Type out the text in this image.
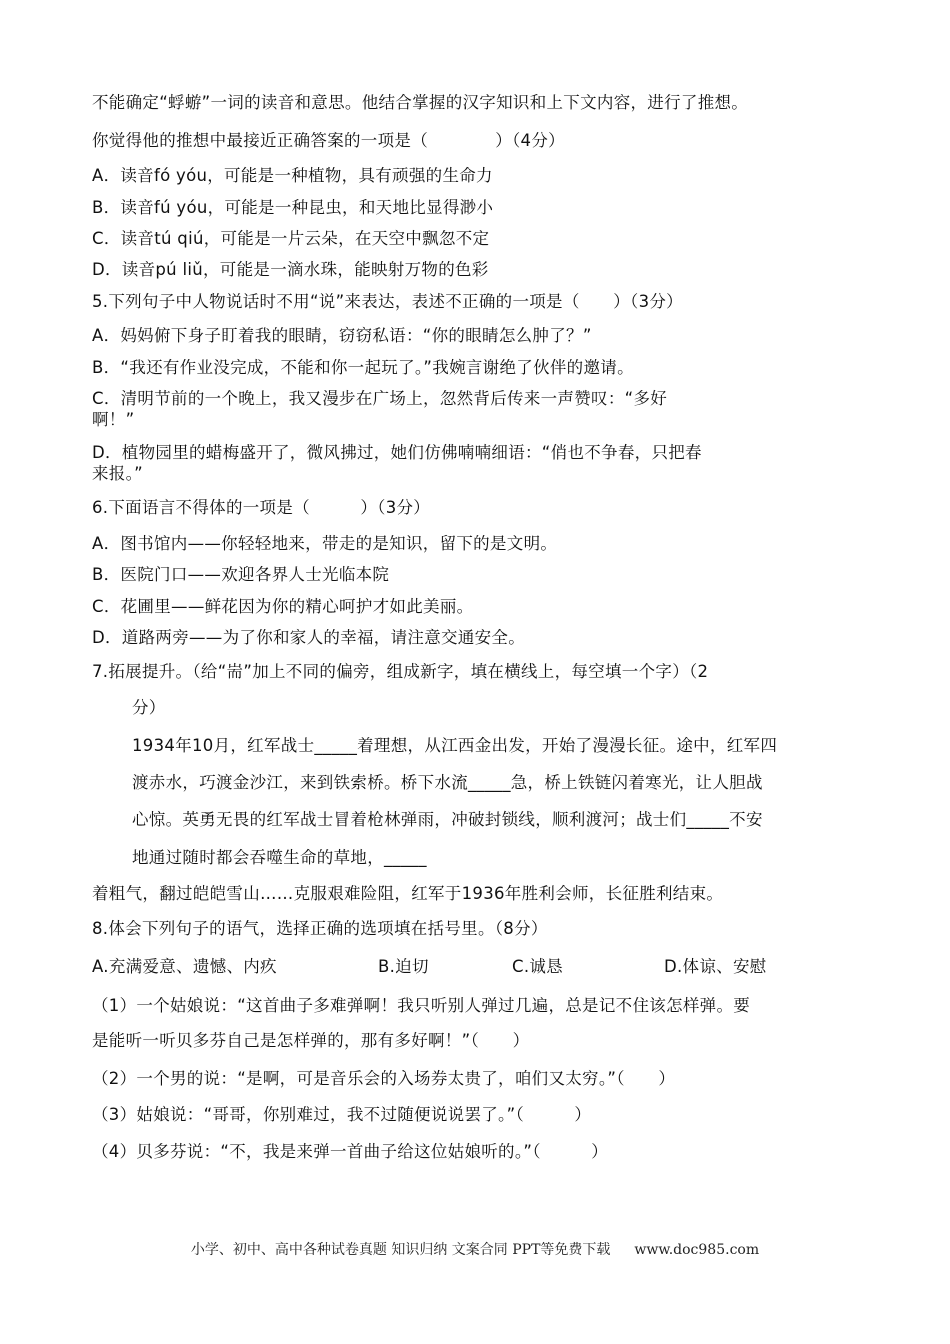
不能确定“蜉蝣”一词的读音和意思。他结合掌握的汉字知识和上下文内容，进行了推想。
你觉得他的推想中最接近正确答案的一项是（　　　　）（4分）
A．读音fó yóu，可能是一种植物，具有顽强的生命力
B．读音fú yóu，可能是一种昆虫，和天地比显得渺小
C．读音tú qiú，可能是一片云朵，在天空中飘忽不定
D．读音pú liǔ，可能是一滴水珠，能映射万物的色彩
5.下列句子中人物说话时不用“说”来表达，表述不正确的一项是（　　）（3分）
A．妈妈俯下身子盯着我的眼睛，窃窃私语：“你的眼睛怎么肿了？”
B．“我还有作业没完成，不能和你一起玩了。”我婉言谢绝了伙伴的邀请。
C．清明节前的一个晚上，我又漫步在广场上，忽然背后传来一声赞叹：“多好
啊！”
D．植物园里的蜡梅盛开了，微风拂过，她们仿佛喃喃细语：“俏也不争春，只把春
来报。”
6.下面语言不得体的一项是（　　　）（3分）
A．图书馆内——你轻轻地来，带走的是知识，留下的是文明。
B．医院门口——欢迎各界人士光临本院
C．花圃里——鲜花因为你的精心呵护才如此美丽。
D．道路两旁——为了你和家人的幸福，请注意交通安全。
7.拓展提升。（给“耑”加上不同的偏旁，组成新字，填在横线上，每空填一个字）（2
分）
1934年10月，红军战士_____着理想，从江西金出发，开始了漫漫长征。途中，红军四
渡赤水，巧渡金沙江，来到铁索桥。桥下水流_____急，桥上铁链闪着寒光，让人胆战
心惊。英勇无畏的红军战士冒着枪林弹雨，冲破封锁线，顺利渡河；战士们_____不安
地通过随时都会吞噬生命的草地，_____
着粗气，翻过皑皑雪山……克服艰难险阻，红军于1936年胜利会师，长征胜利结束。
8.体会下列句子的语气，选择正确的选项填在括号里。（8分）
A.充满爱意、遗憾、内疚	B.迫切	C.诚恳	D.体谅、安慰
（1）一个姑娘说：“这首曲子多难弹啊！我只听别人弹过几遍，总是记不住该怎样弹。要
是能听一听贝多芬自己是怎样弹的，那有多好啊！”（　　）
（2）一个男的说：“是啊，可是音乐会的入场券太贵了，咱们又太穷。”（　　）
（3）姑娘说：“哥哥，你别难过，我不过随便说说罢了。”（　　　）
（4）贝多芬说：“不，我是来弹一首曲子给这位姑娘听的。”（　　　）
小学、初中、高中各种试卷真题 知识归纳 文案合同 PPT等免费下载 www.doc985.com
